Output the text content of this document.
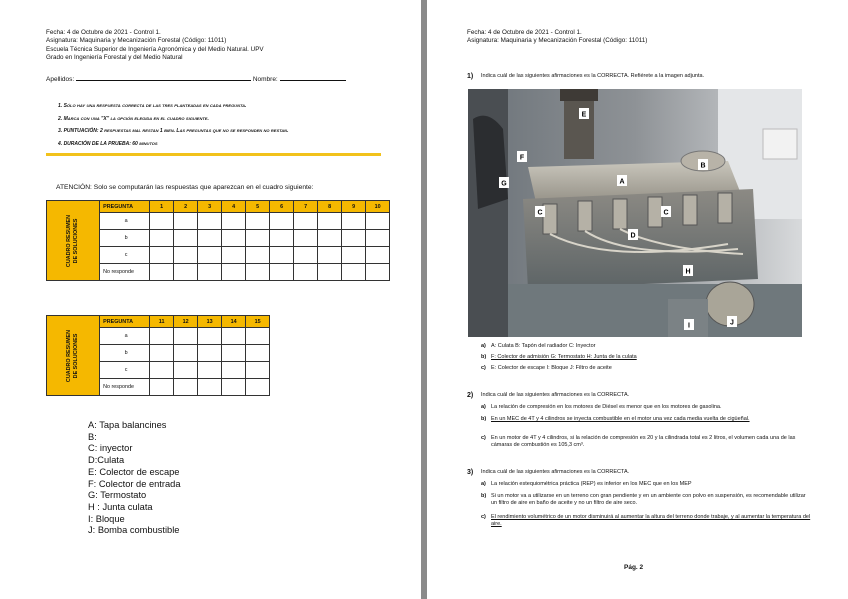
Fecha: 4 de Octubre de 2021 - Control 1.
Asignatura: Maquinaria y Mecanización Forestal (Código: 11011)
Escuela Técnica Superior de Ingeniería Agronómica y del Medio Natural. UPV
Grado en Ingeniería Forestal y del Medio Natural
Apellidos:	Nombre:
1. Sólo hay una respuesta correcta de las tres planteadas en cada pregunta.
2. Marca con una "X" la opción elegida en el cuadro siguiente.
3. PUNTUACIÓN: 2 respuestas mal restan 1 bien. Las preguntas que no se responden no restan.
4. DURACIÓN DE LA PRUEBA: 60 minutos
ATENCIÓN: Solo se computarán las respuestas que aparezcan en el cuadro siguiente:
CUADRO RESUMEN
DE SOLUCIONES	PREGUNTA	1	2	3	4	5	6	7	8	9	10
	a										
	b										
	c										
	No responde										
CUADRO RESUMEN
DE SOLUCIONES	PREGUNTA	11	12	13	14	15
	a					
	b					
	c					
	No responde					
A: Tapa balancines
B:
C: inyector
D:Culata
E: Colector de escape
F: Colector de entrada
G: Termostato
H : Junta culata
I: Bloque
J: Bomba combustible
Fecha: 4 de Octubre de 2021 - Control 1.
Asignatura: Maquinaria y Mecanización Forestal (Código: 11011)
1) Indica cuál de las siguientes afirmaciones es la CORRECTA. Refiérete a la imagen adjunta.
E
F
B
A
G
C	C
D
H
I	J
a) A: Culata B: Tapón del radiador C: Inyector
b) F: Colector de admisión G: Termostato H: Junta de la culata
c) E: Colector de escape I: Bloque J: Filtro de aceite
2) Indica cuál de las siguientes afirmaciones es la CORRECTA.
a) La relación de compresión en los motores de Diésel es menor que en los motores de gasolina.
b) En un MEC de 4T y 4 cilindros se inyecta combustible en el motor una vez cada media vuelta de cigüeñal.
c) En un motor de 4T y 4 cilindros, si la relación de compresión es 20 y la cilindrada total es 2 litros, el volumen cada una de las cámaras de combustión es 105,3 cm³.
3) Indica cuál de las siguientes afirmaciones es la CORRECTA.
a) La relación estequiométrica práctica (REP) es inferior en los MEC que en los MEP
b) Si un motor va a utilizarse en un terreno con gran pendiente y en un ambiente con polvo en suspensión, es recomendable utilizar un filtro de aire en baño de aceite y no un filtro de aire seco.
c) El rendimiento volumétrico de un motor disminuirá al aumentar la altura del terreno donde trabaje, y al aumentar la temperatura del aire.
Pág. 2
